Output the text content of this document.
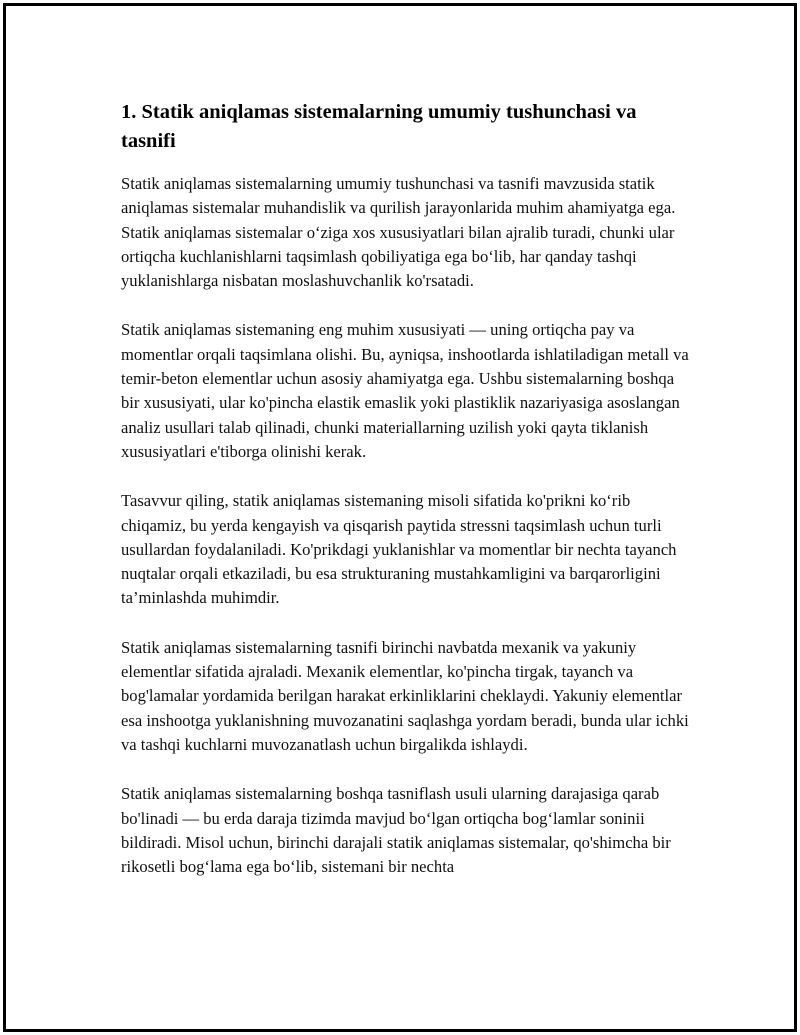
1. Statik aniqlamas sistemalarning umumiy tushunchasi va tasnifi

Statik aniqlamas sistemalarning umumiy tushunchasi va tasnifi mavzusida statik aniqlamas sistemalar muhandislik va qurilish jarayonlarida muhim ahamiyatga ega. Statik aniqlamas sistemalar o‘ziga xos xususiyatlari bilan ajralib turadi, chunki ular ortiqcha kuchlanishlarni taqsimlash qobiliyatiga ega bo‘lib, har qanday tashqi yuklanishlarga nisbatan moslashuvchanlik ko'rsatadi.

Statik aniqlamas sistemaning eng muhim xususiyati — uning ortiqcha pay va momentlar orqali taqsimlana olishi. Bu, ayniqsa, inshootlarda ishlatiladigan metall va temir-beton elementlar uchun asosiy ahamiyatga ega. Ushbu sistemalarning boshqa bir xususiyati, ular ko'pincha elastik emaslik yoki plastiklik nazariyasiga asoslangan analiz usullari talab qilinadi, chunki materiallarning uzilish yoki qayta tiklanish xususiyatlari e'tiborga olinishi kerak.

Tasavvur qiling, statik aniqlamas sistemaning misoli sifatida ko'prikni ko‘rib chiqamiz, bu yerda kengayish va qisqarish paytida stressni taqsimlash uchun turli usullardan foydalaniladi. Ko'prikdagi yuklanishlar va momentlar bir nechta tayanch nuqtalar orqali etkaziladi, bu esa strukturaning mustahkamligini va barqarorligini ta’minlashda muhimdir.

Statik aniqlamas sistemalarning tasnifi birinchi navbatda mexanik va yakuniy elementlar sifatida ajraladi. Mexanik elementlar, ko'pincha tirgak, tayanch va bog'lamalar yordamida berilgan harakat erkinliklarini cheklaydi. Yakuniy elementlar esa inshootga yuklanishning muvozanatini saqlashga yordam beradi, bunda ular ichki va tashqi kuchlarni muvozanatlash uchun birgalikda ishlaydi.

Statik aniqlamas sistemalarning boshqa tasniflash usuli ularning darajasiga qarab bo'linadi — bu erda daraja tizimda mavjud bo‘lgan ortiqcha bog‘lamlar soninii bildiradi. Misol uchun, birinchi darajali statik aniqlamas sistemalar, qo'shimcha bir rikosetli bog‘lama ega bo‘lib, sistemani bir nechta
